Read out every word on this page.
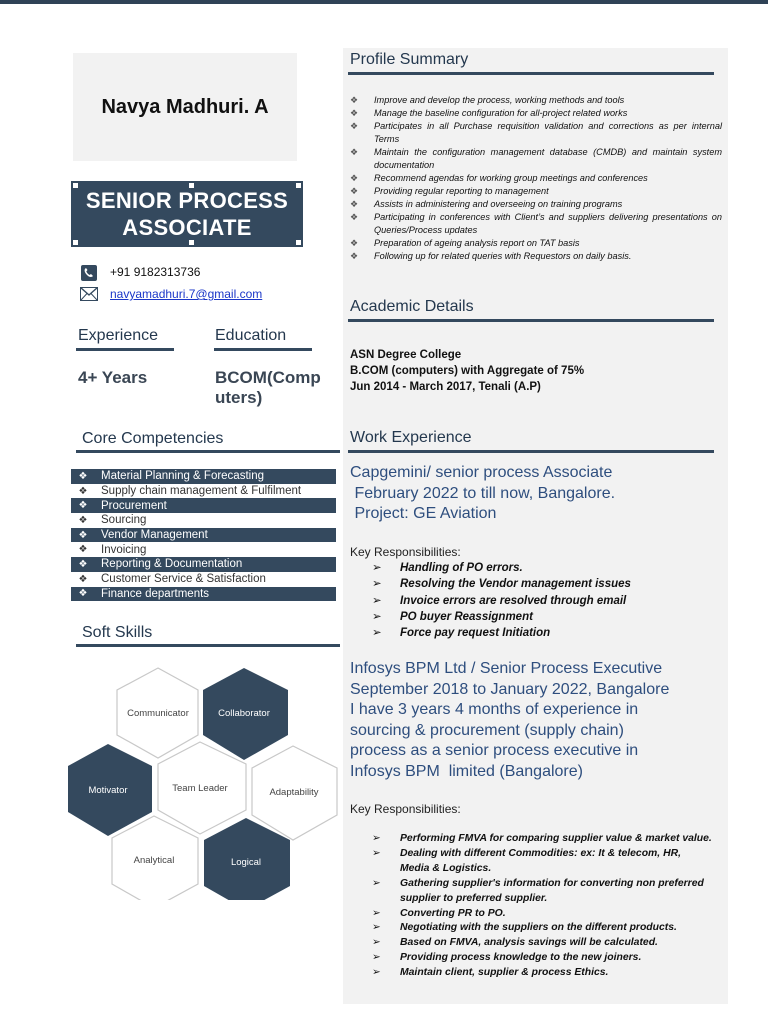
Navya Madhuri. A
SENIOR PROCESS
ASSOCIATE
+91 9182313736
navyamadhuri.7@gmail.com
Experience
4+ Years
Education
BCOM(Comp
uters)
Core Competencies
❖ Material Planning & Forecasting
❖ Supply chain management & Fulfilment
❖ Procurement
❖ Sourcing
❖ Vendor Management
❖ Invoicing
❖ Reporting & Documentation
❖ Customer Service & Satisfaction
❖ Finance departments
Soft Skills
Communicator	Collaborator
Motivator	Team Leader	Adaptability
Analytical	Logical
Profile Summary
❖ Improve and develop the process, working methods and tools
❖ Manage the baseline configuration for all-project related works
❖ Participates in all Purchase requisition validation and corrections as per internal Terms
❖ Maintain the configuration management database (CMDB) and maintain system documentation
❖ Recommend agendas for working group meetings and conferences
❖ Providing regular reporting to management
❖ Assists in administering and overseeing on training programs
❖ Participating in conferences with Client’s and suppliers delivering presentations on Queries/Process updates
❖ Preparation of ageing analysis report on TAT basis
❖ Following up for related queries with Requestors on daily basis.
Academic Details
ASN Degree College
B.COM (computers) with Aggregate of 75%
Jun 2014 - March 2017, Tenali (A.P)
Work Experience
Capgemini/ senior process Associate
February 2022 to till now, Bangalore.
Project: GE Aviation
Key Responsibilities:
➢ Handling of PO errors.
➢ Resolving the Vendor management issues
➢ Invoice errors are resolved through email
➢ PO buyer Reassignment
➢ Force pay request Initiation
Infosys BPM Ltd / Senior Process Executive
September 2018 to January 2022, Bangalore
I have 3 years 4 months of experience in
sourcing & procurement (supply chain)
process as a senior process executive in
Infosys BPM  limited (Bangalore)
Key Responsibilities:
➢ Performing FMVA for comparing supplier value & market value.
➢ Dealing with different Commodities: ex: It & telecom, HR, Media & Logistics.
➢ Gathering supplier's information for converting non preferred supplier to preferred supplier.
➢ Converting PR to PO.
➢ Negotiating with the suppliers on the different products.
➢ Based on FMVA, analysis savings will be calculated.
➢ Providing process knowledge to the new joiners.
➢ Maintain client, supplier & process Ethics.
